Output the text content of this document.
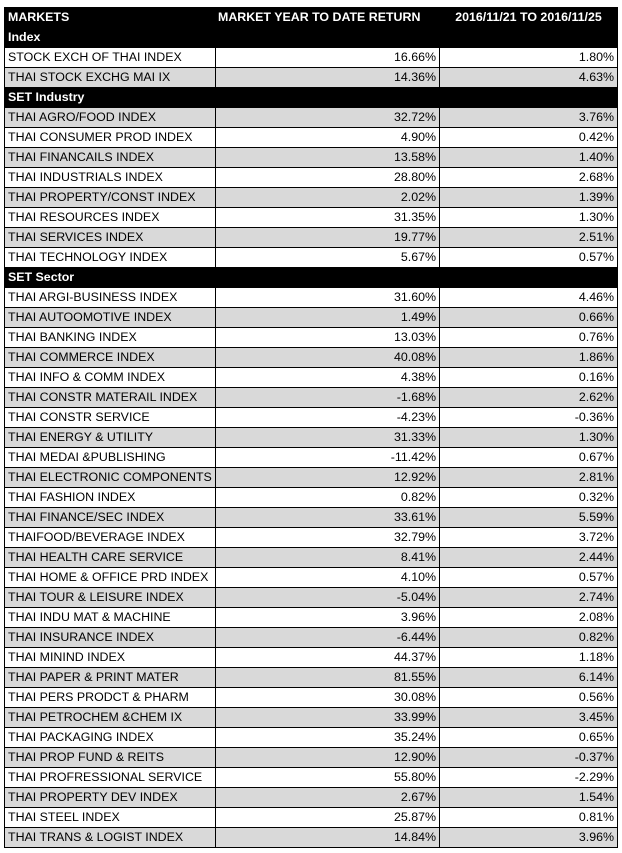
MARKETS	MARKET YEAR TO DATE RETURN	2016/11/21 TO 2016/11/25
Index		
STOCK EXCH OF THAI INDEX	16.66%	1.80%
THAI STOCK EXCHG MAI IX	14.36%	4.63%
SET Industry		
THAI AGRO/FOOD INDEX	32.72%	3.76%
THAI CONSUMER PROD INDEX	4.90%	0.42%
THAI FINANCAILS INDEX	13.58%	1.40%
THAI INDUSTRIALS INDEX	28.80%	2.68%
THAI PROPERTY/CONST INDEX	2.02%	1.39%
THAI RESOURCES INDEX	31.35%	1.30%
THAI SERVICES INDEX	19.77%	2.51%
THAI TECHNOLOGY INDEX	5.67%	0.57%
SET Sector		
THAI ARGI-BUSINESS INDEX	31.60%	4.46%
THAI AUTOOMOTIVE INDEX	1.49%	0.66%
THAI BANKING INDEX	13.03%	0.76%
THAI COMMERCE INDEX	40.08%	1.86%
THAI INFO & COMM INDEX	4.38%	0.16%
THAI CONSTR MATERAIL INDEX	-1.68%	2.62%
THAI CONSTR SERVICE	-4.23%	-0.36%
THAI ENERGY & UTILITY	31.33%	1.30%
THAI MEDAI &PUBLISHING	-11.42%	0.67%
THAI ELECTRONIC COMPONENTS	12.92%	2.81%
THAI FASHION INDEX	0.82%	0.32%
THAI FINANCE/SEC INDEX	33.61%	5.59%
THAIFOOD/BEVERAGE INDEX	32.79%	3.72%
THAI HEALTH CARE SERVICE	8.41%	2.44%
THAI HOME & OFFICE PRD INDEX	4.10%	0.57%
THAI TOUR & LEISURE INDEX	-5.04%	2.74%
THAI INDU MAT & MACHINE	3.96%	2.08%
THAI INSURANCE INDEX	-6.44%	0.82%
THAI MININD INDEX	44.37%	1.18%
THAI PAPER & PRINT MATER	81.55%	6.14%
THAI PERS PRODCT & PHARM	30.08%	0.56%
THAI PETROCHEM &CHEM IX	33.99%	3.45%
THAI PACKAGING INDEX	35.24%	0.65%
THAI PROP FUND & REITS	12.90%	-0.37%
THAI PROFRESSIONAL SERVICE	55.80%	-2.29%
THAI PROPERTY DEV INDEX	2.67%	1.54%
THAI STEEL INDEX	25.87%	0.81%
THAI TRANS & LOGIST INDEX	14.84%	3.96%
